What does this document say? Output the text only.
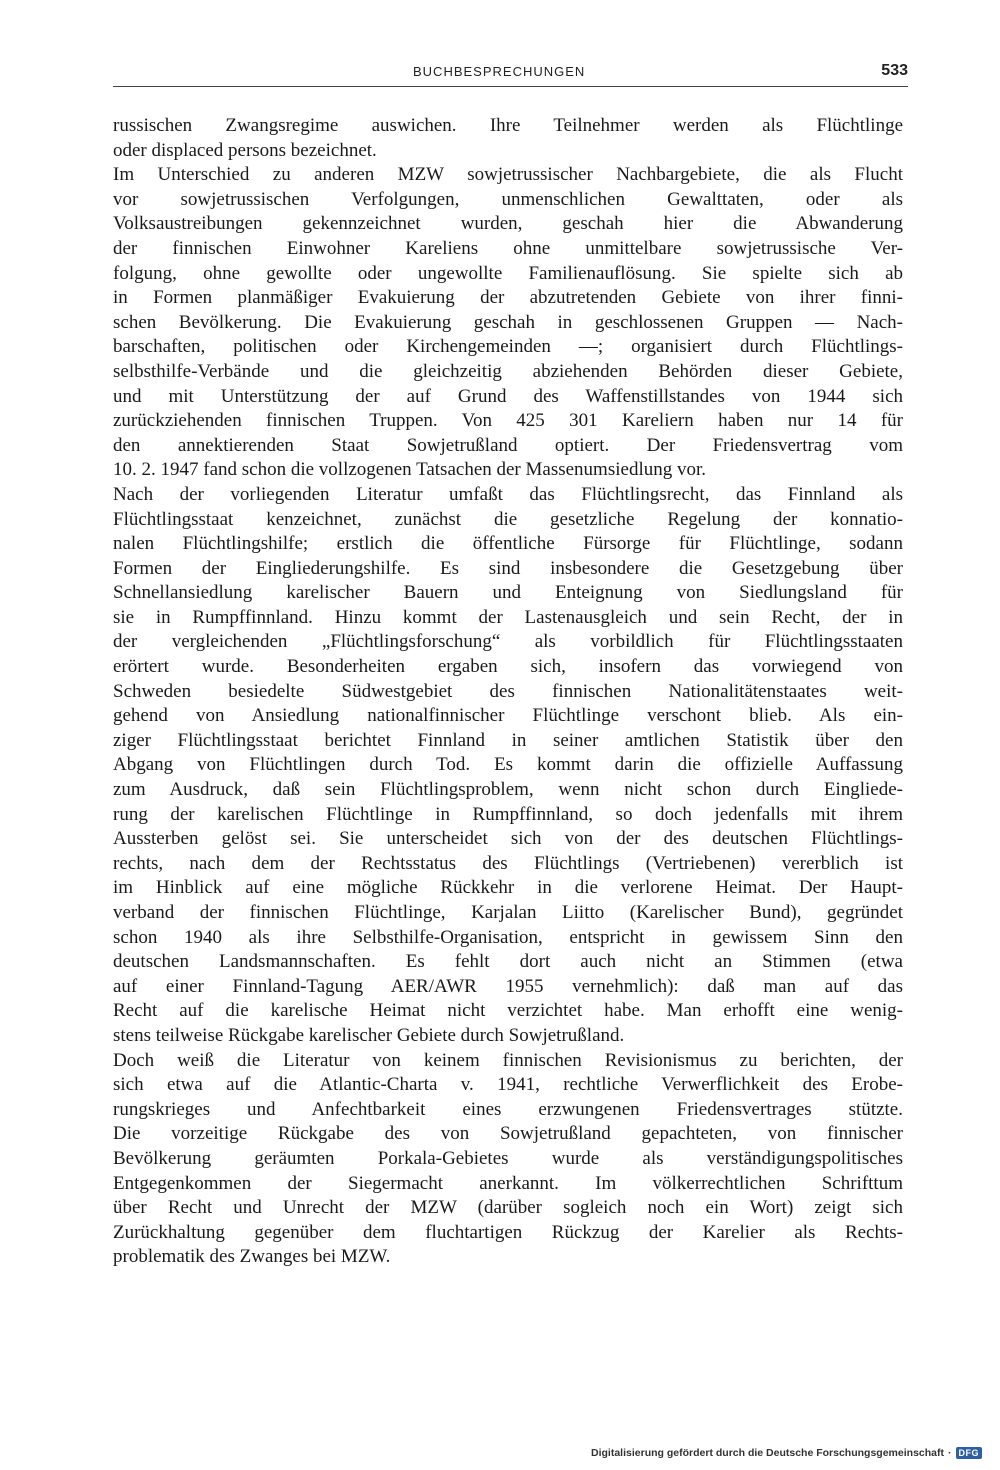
BUCHBESPRECHUNGEN	533
russischen Zwangsregime auswichen. Ihre Teilnehmer werden als Flüchtlinge
oder displaced persons bezeichnet.
Im Unterschied zu anderen MZW sowjetrussischer Nachbargebiete, die als Flucht
vor sowjetrussischen Verfolgungen, unmenschlichen Gewalttaten, oder als
Volksaustreibungen gekennzeichnet wurden, geschah hier die Abwanderung
der finnischen Einwohner Kareliens ohne unmittelbare sowjetrussische Ver-
folgung, ohne gewollte oder ungewollte Familienauflösung. Sie spielte sich ab
in Formen planmäßiger Evakuierung der abzutretenden Gebiete von ihrer finni-
schen Bevölkerung. Die Evakuierung geschah in geschlossenen Gruppen — Nach-
barschaften, politischen oder Kirchengemeinden —; organisiert durch Flüchtlings-
selbsthilfe-Verbände und die gleichzeitig abziehenden Behörden dieser Gebiete,
und mit Unterstützung der auf Grund des Waffenstillstandes von 1944 sich
zurückziehenden finnischen Truppen. Von 425 301 Kareliern haben nur 14 für
den annektierenden Staat Sowjetrußland optiert. Der Friedensvertrag vom
10. 2. 1947 fand schon die vollzogenen Tatsachen der Massenumsiedlung vor.
Nach der vorliegenden Literatur umfaßt das Flüchtlingsrecht, das Finnland als
Flüchtlingsstaat kenzeichnet, zunächst die gesetzliche Regelung der konnatio-
nalen Flüchtlingshilfe; erstlich die öffentliche Fürsorge für Flüchtlinge, sodann
Formen der Eingliederungshilfe. Es sind insbesondere die Gesetzgebung über
Schnellansiedlung karelischer Bauern und Enteignung von Siedlungsland für
sie in Rumpffinnland. Hinzu kommt der Lastenausgleich und sein Recht, der in
der vergleichenden „Flüchtlingsforschung“ als vorbildlich für Flüchtlingsstaaten
erörtert wurde. Besonderheiten ergaben sich, insofern das vorwiegend von
Schweden besiedelte Südwestgebiet des finnischen Nationalitätenstaates weit-
gehend von Ansiedlung nationalfinnischer Flüchtlinge verschont blieb. Als ein-
ziger Flüchtlingsstaat berichtet Finnland in seiner amtlichen Statistik über den
Abgang von Flüchtlingen durch Tod. Es kommt darin die offizielle Auffassung
zum Ausdruck, daß sein Flüchtlingsproblem, wenn nicht schon durch Eingliede-
rung der karelischen Flüchtlinge in Rumpffinnland, so doch jedenfalls mit ihrem
Aussterben gelöst sei. Sie unterscheidet sich von der des deutschen Flüchtlings-
rechts, nach dem der Rechtsstatus des Flüchtlings (Vertriebenen) vererblich ist
im Hinblick auf eine mögliche Rückkehr in die verlorene Heimat. Der Haupt-
verband der finnischen Flüchtlinge, Karjalan Liitto (Karelischer Bund), gegründet
schon 1940 als ihre Selbsthilfe-Organisation, entspricht in gewissem Sinn den
deutschen Landsmannschaften. Es fehlt dort auch nicht an Stimmen (etwa
auf einer Finnland-Tagung AER/AWR 1955 vernehmlich): daß man auf das
Recht auf die karelische Heimat nicht verzichtet habe. Man erhofft eine wenig-
stens teilweise Rückgabe karelischer Gebiete durch Sowjetrußland.
Doch weiß die Literatur von keinem finnischen Revisionismus zu berichten, der
sich etwa auf die Atlantic-Charta v. 1941, rechtliche Verwerflichkeit des Erobe-
rungskrieges und Anfechtbarkeit eines erzwungenen Friedensvertrages stützte.
Die vorzeitige Rückgabe des von Sowjetrußland gepachteten, von finnischer
Bevölkerung geräumten Porkala-Gebietes wurde als verständigungspolitisches
Entgegenkommen der Siegermacht anerkannt. Im völkerrechtlichen Schrifttum
über Recht und Unrecht der MZW (darüber sogleich noch ein Wort) zeigt sich
Zurückhaltung gegenüber dem fluchtartigen Rückzug der Karelier als Rechts-
problematik des Zwanges bei MZW.
Digitalisierung gefördert durch die Deutsche Forschungsgemeinschaft · DFG
